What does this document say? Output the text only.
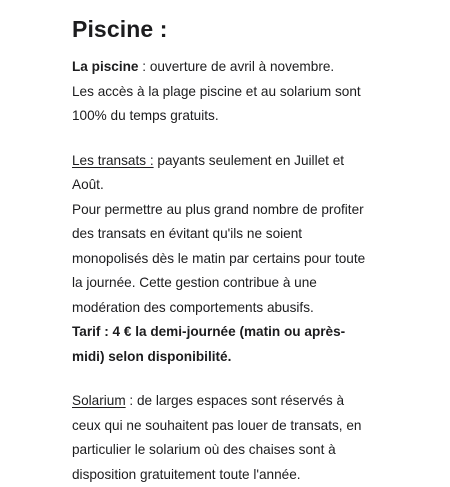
Piscine :

La piscine : ouverture de avril à novembre.
Les accès à la plage piscine et au solarium sont
100% du temps gratuits.

Les transats : payants seulement en Juillet et
Août.
Pour permettre au plus grand nombre de profiter
des transats en évitant qu'ils ne soient
monopolisés dès le matin par certains pour toute
la journée. Cette gestion contribue à une
modération des comportements abusifs.
Tarif : 4 € la demi-journée (matin ou après-
midi) selon disponibilité.

Solarium : de larges espaces sont réservés à
ceux qui ne souhaitent pas louer de transats, en
particulier le solarium où des chaises sont à
disposition gratuitement toute l'année.
